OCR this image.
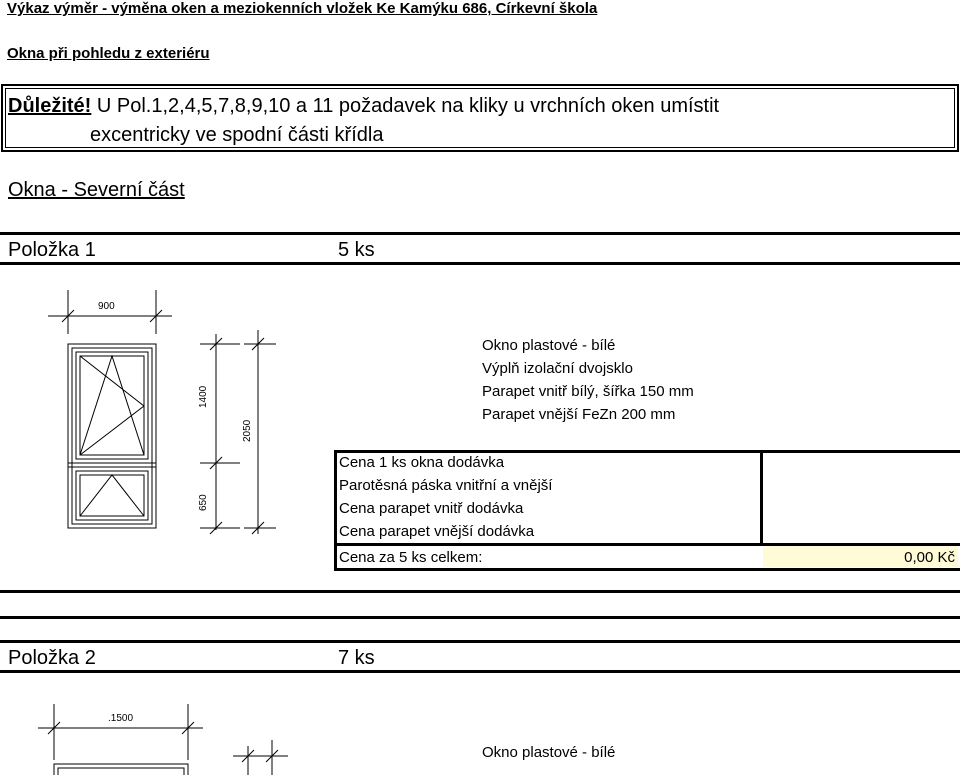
Výkaz výměr - výměna oken a meziokenních vložek Ke Kamýku 686, Církevní škola
Okna při pohledu z exteriéru
Důležité! U Pol.1,2,4,5,7,8,9,10 a 11 požadavek na kliky u vrchních oken umístit
excentricky ve spodní části křídla
Okna - Severní část
Položka 1	5 ks
900
1400
2050
650
Okno plastové - bílé
Výplň izolační dvojsklo
Parapet vnitř bílý, šířka 150 mm
Parapet vnější FeZn 200 mm
Cena 1 ks okna dodávka
Parotěsná páska vnitřní a vnější
Cena parapet vnitř dodávka
Cena parapet vnější dodávka
Cena za 5 ks celkem:	0,00 Kč
Položka 2	7 ks
.1500
Okno plastové - bílé
